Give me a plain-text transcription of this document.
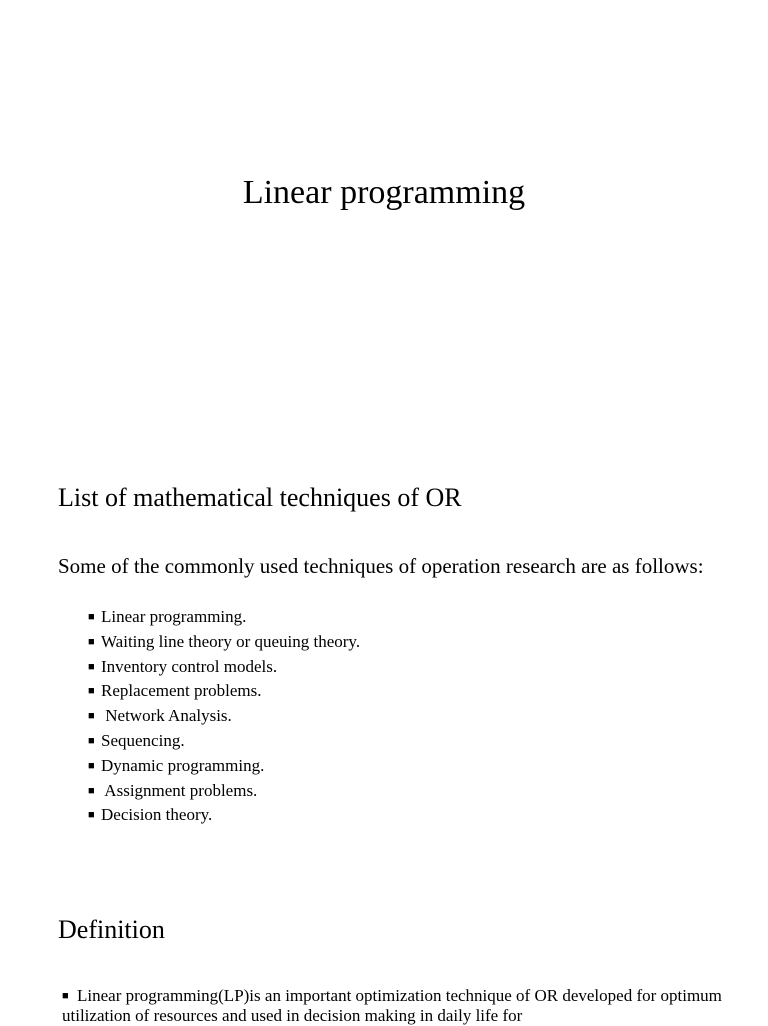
Linear programming
List of mathematical techniques of OR

Some of the commonly used techniques of operation research are as follows:

■ Linear programming.
■ Waiting line theory or queuing theory.
■ Inventory control models.
■ Replacement problems.
■ Network Analysis.
■ Sequencing.
■ Dynamic programming.
■ Assignment problems.
■ Decision theory.
Definition

■ Linear programming(LP)is an important optimization technique of OR developed for optimum utilization of resources and used in decision making in daily life for
